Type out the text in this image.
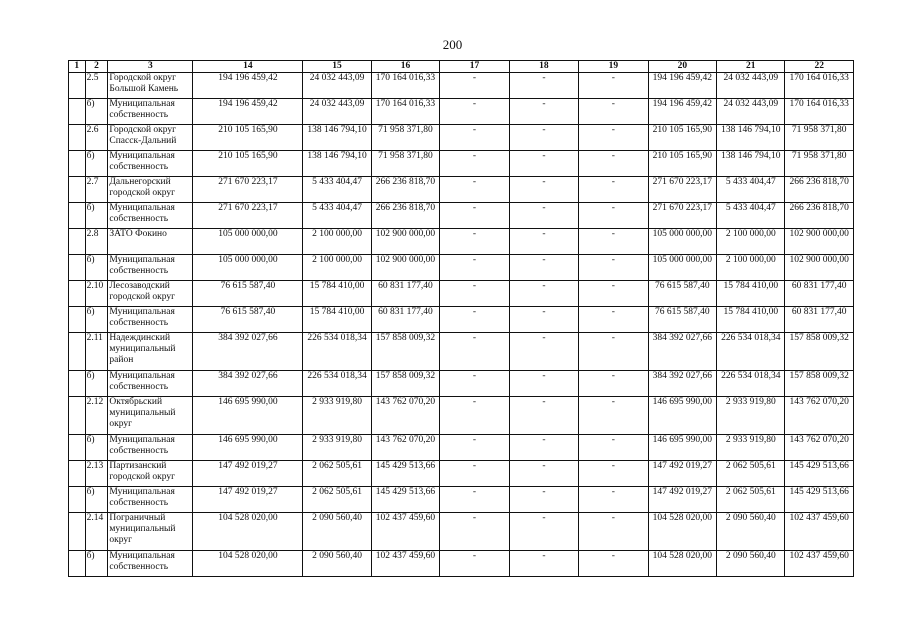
200
1	2	3	14	15	16	17	18	19	20	21	22
	2.5	Городской округ Большой Камень	194 196 459,42	24 032 443,09	170 164 016,33	-	-	-	194 196 459,42	24 032 443,09	170 164 016,33
	б)	Муниципальная собственность	194 196 459,42	24 032 443,09	170 164 016,33	-	-	-	194 196 459,42	24 032 443,09	170 164 016,33
	2.6	Городской округ Спасск-Дальний	210 105 165,90	138 146 794,10	71 958 371,80	-	-	-	210 105 165,90	138 146 794,10	71 958 371,80
	б)	Муниципальная собственность	210 105 165,90	138 146 794,10	71 958 371,80	-	-	-	210 105 165,90	138 146 794,10	71 958 371,80
	2.7	Дальнегорский городской округ	271 670 223,17	5 433 404,47	266 236 818,70	-	-	-	271 670 223,17	5 433 404,47	266 236 818,70
	б)	Муниципальная собственность	271 670 223,17	5 433 404,47	266 236 818,70	-	-	-	271 670 223,17	5 433 404,47	266 236 818,70
	2.8	ЗАТО Фокино	105 000 000,00	2 100 000,00	102 900 000,00	-	-	-	105 000 000,00	2 100 000,00	102 900 000,00
	б)	Муниципальная собственность	105 000 000,00	2 100 000,00	102 900 000,00	-	-	-	105 000 000,00	2 100 000,00	102 900 000,00
	2.10	Лесозаводский городской округ	76 615 587,40	15 784 410,00	60 831 177,40	-	-	-	76 615 587,40	15 784 410,00	60 831 177,40
	б)	Муниципальная собственность	76 615 587,40	15 784 410,00	60 831 177,40	-	-	-	76 615 587,40	15 784 410,00	60 831 177,40
	2.11	Надеждинский муниципальный район	384 392 027,66	226 534 018,34	157 858 009,32	-	-	-	384 392 027,66	226 534 018,34	157 858 009,32
	б)	Муниципальная собственность	384 392 027,66	226 534 018,34	157 858 009,32	-	-	-	384 392 027,66	226 534 018,34	157 858 009,32
	2.12	Октябрьский муниципальный округ	146 695 990,00	2 933 919,80	143 762 070,20	-	-	-	146 695 990,00	2 933 919,80	143 762 070,20
	б)	Муниципальная собственность	146 695 990,00	2 933 919,80	143 762 070,20	-	-	-	146 695 990,00	2 933 919,80	143 762 070,20
	2.13	Партизанский городской округ	147 492 019,27	2 062 505,61	145 429 513,66	-	-	-	147 492 019,27	2 062 505,61	145 429 513,66
	б)	Муниципальная собственность	147 492 019,27	2 062 505,61	145 429 513,66	-	-	-	147 492 019,27	2 062 505,61	145 429 513,66
	2.14	Пограничный муниципальный округ	104 528 020,00	2 090 560,40	102 437 459,60	-	-	-	104 528 020,00	2 090 560,40	102 437 459,60
	б)	Муниципальная собственность	104 528 020,00	2 090 560,40	102 437 459,60	-	-	-	104 528 020,00	2 090 560,40	102 437 459,60
